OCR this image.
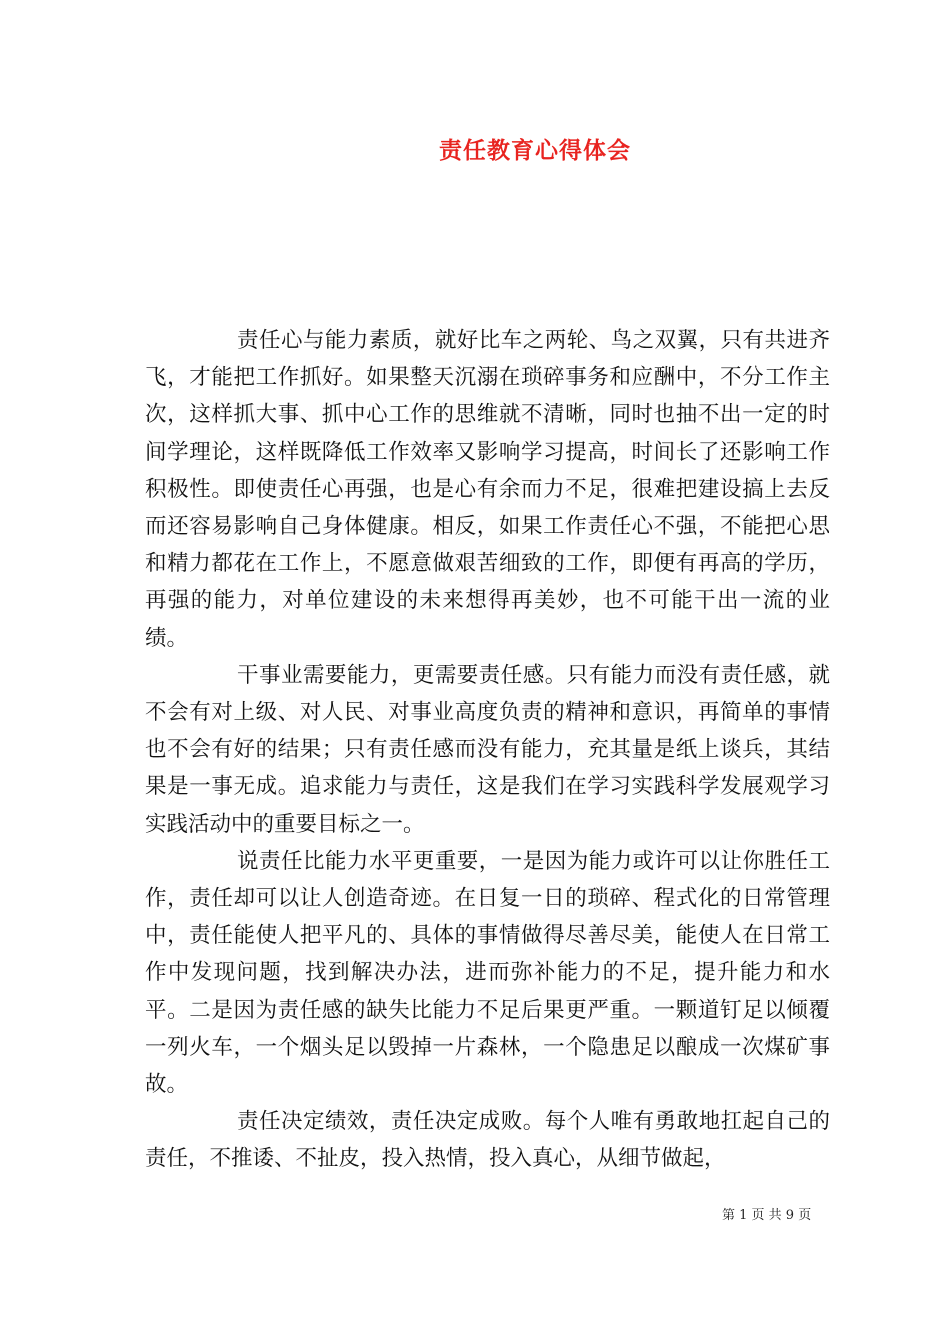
责任教育心得体会

责任心与能力素质，就好比车之两轮、鸟之双翼，只有共进齐飞，才能把工作抓好。如果整天沉溺在琐碎事务和应酬中，不分工作主次，这样抓大事、抓中心工作的思维就不清晰，同时也抽不出一定的时间学理论，这样既降低工作效率又影响学习提高，时间长了还影响工作积极性。即使责任心再强，也是心有余而力不足，很难把建设搞上去反而还容易影响自己身体健康。相反，如果工作责任心不强，不能把心思和精力都花在工作上，不愿意做艰苦细致的工作，即便有再高的学历，再强的能力，对单位建设的未来想得再美妙，也不可能干出一流的业绩。

干事业需要能力，更需要责任感。只有能力而没有责任感，就不会有对上级、对人民、对事业高度负责的精神和意识，再简单的事情也不会有好的结果；只有责任感而没有能力，充其量是纸上谈兵，其结果是一事无成。追求能力与责任，这是我们在学习实践科学发展观学习实践活动中的重要目标之一。

说责任比能力水平更重要，一是因为能力或许可以让你胜任工作，责任却可以让人创造奇迹。在日复一日的琐碎、程式化的日常管理中，责任能使人把平凡的、具体的事情做得尽善尽美，能使人在日常工作中发现问题，找到解决办法，进而弥补能力的不足，提升能力和水平。二是因为责任感的缺失比能力不足后果更严重。一颗道钉足以倾覆一列火车，一个烟头足以毁掉一片森林，一个隐患足以酿成一次煤矿事故。

责任决定绩效，责任决定成败。每个人唯有勇敢地扛起自己的责任，不推诿、不扯皮，投入热情，投入真心，从细节做起，

第 1 页 共 9 页
